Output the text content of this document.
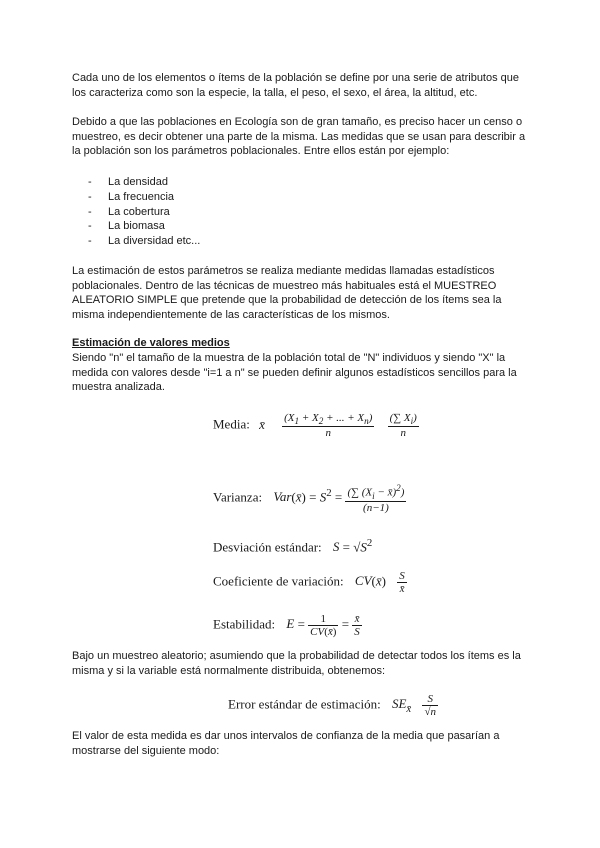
Cada uno de los elementos o ítems de la población se define por una serie de atributos que los caracteriza como son la especie, la talla, el peso, el sexo, el área, la altitud, etc.

Debido a que las poblaciones en Ecología son de gran tamaño, es preciso hacer un censo o muestreo, es decir obtener una parte de la misma. Las medidas que se usan para describir a la población son los parámetros poblacionales. Entre ellos están por ejemplo:

- La densidad
- La frecuencia
- La cobertura
- La biomasa
- La diversidad etc...

La estimación de estos parámetros se realiza mediante medidas llamadas estadísticos poblacionales. Dentro de las técnicas de muestreo más habituales está el MUESTREO ALEATORIO SIMPLE que pretende que la probabilidad de detección de los ítems sea la misma independientemente de las características de los mismos.

Estimación de valores medios

Siendo "n" el tamaño de la muestra de la población total de "N" individuos y siendo "X" la medida con valores desde "i=1 a n" se pueden definir algunos estadísticos sencillos para la muestra analizada.

Media: x̄ $\frac{(X_1 + X_2 + ... + X_n)}{n}$
$\frac{(\sum X_i)}{n}$
Varianza: Var(x̄) = $S^2 = \frac{(\sum (X_i - x̄)^2)}{(n-1)}$
Desviación estándar: $S = √S^2$
Coeficiente de variación: CV(x̄) $\frac{S}{x̄}$
Estabilidad: $E = \frac{1}{CV(x̄)} = \frac{x̄}{S}$

Bajo un muestreo aleatorio; asumiendo que la probabilidad de detectar todos los ítems es la misma y si la variable está normalmente distribuida, obtenemos:

Error estándar de estimación: $SE_{x̄} \frac{S}{√n}$

El valor de esta medida es dar unos intervalos de confianza de la media que pasarían a mostrarse del siguiente modo:
